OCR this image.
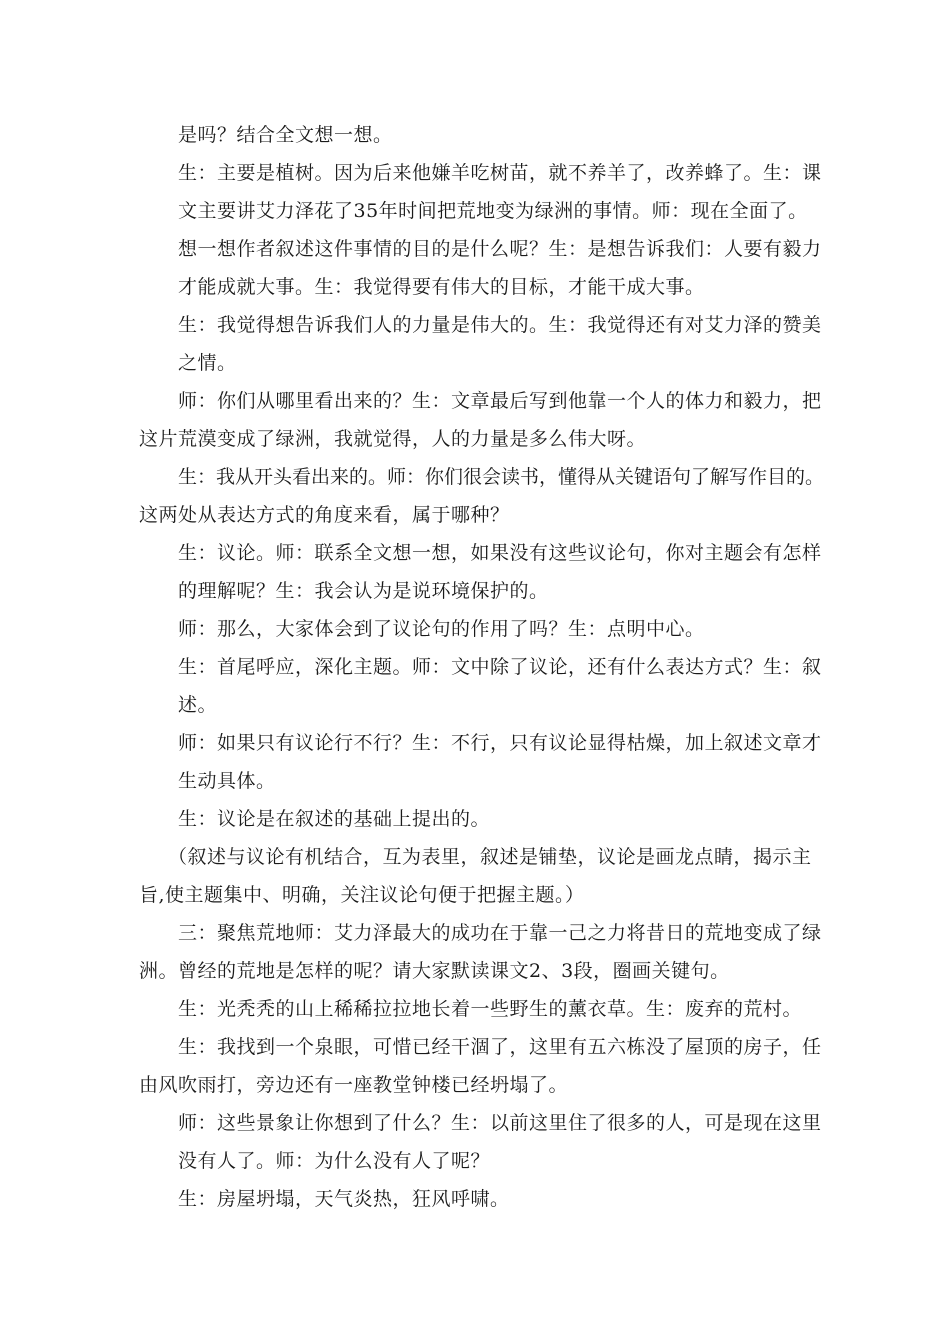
是吗？结合全文想一想。
生：主要是植树。因为后来他嫌羊吃树苗，就不养羊了，改养蜂了。生：课
文主要讲艾力泽花了35年时间把荒地变为绿洲的事情。师：现在全面了。
想一想作者叙述这件事情的目的是什么呢？生：是想告诉我们：人要有毅力
才能成就大事。生：我觉得要有伟大的目标，才能干成大事。
生：我觉得想告诉我们人的力量是伟大的。生：我觉得还有对艾力泽的赞美
之情。
师：你们从哪里看出来的？生：文章最后写到他靠一个人的体力和毅力，把
这片荒漠变成了绿洲，我就觉得，人的力量是多么伟大呀。
生：我从开头看出来的。师：你们很会读书，懂得从关键语句了解写作目的。
这两处从表达方式的角度来看，属于哪种？
生：议论。师：联系全文想一想，如果没有这些议论句，你对主题会有怎样
的理解呢？生：我会认为是说环境保护的。
师：那么，大家体会到了议论句的作用了吗？生：点明中心。
生：首尾呼应，深化主题。师：文中除了议论，还有什么表达方式？生：叙
述。
师：如果只有议论行不行？生：不行，只有议论显得枯燥，加上叙述文章才
生动具体。
生：议论是在叙述的基础上提出的。
（叙述与议论有机结合，互为表里，叙述是铺垫，议论是画龙点睛，揭示主
旨,使主题集中、明确，关注议论句便于把握主题。）
三：聚焦荒地师：艾力泽最大的成功在于靠一己之力将昔日的荒地变成了绿
洲。曾经的荒地是怎样的呢？请大家默读课文2、3段，圈画关键句。
生：光秃秃的山上稀稀拉拉地长着一些野生的薰衣草。生：废弃的荒村。
生：我找到一个泉眼，可惜已经干涸了，这里有五六栋没了屋顶的房子，任
由风吹雨打，旁边还有一座教堂钟楼已经坍塌了。
师：这些景象让你想到了什么？生：以前这里住了很多的人，可是现在这里
没有人了。师：为什么没有人了呢？
生：房屋坍塌，天气炎热，狂风呼啸。
